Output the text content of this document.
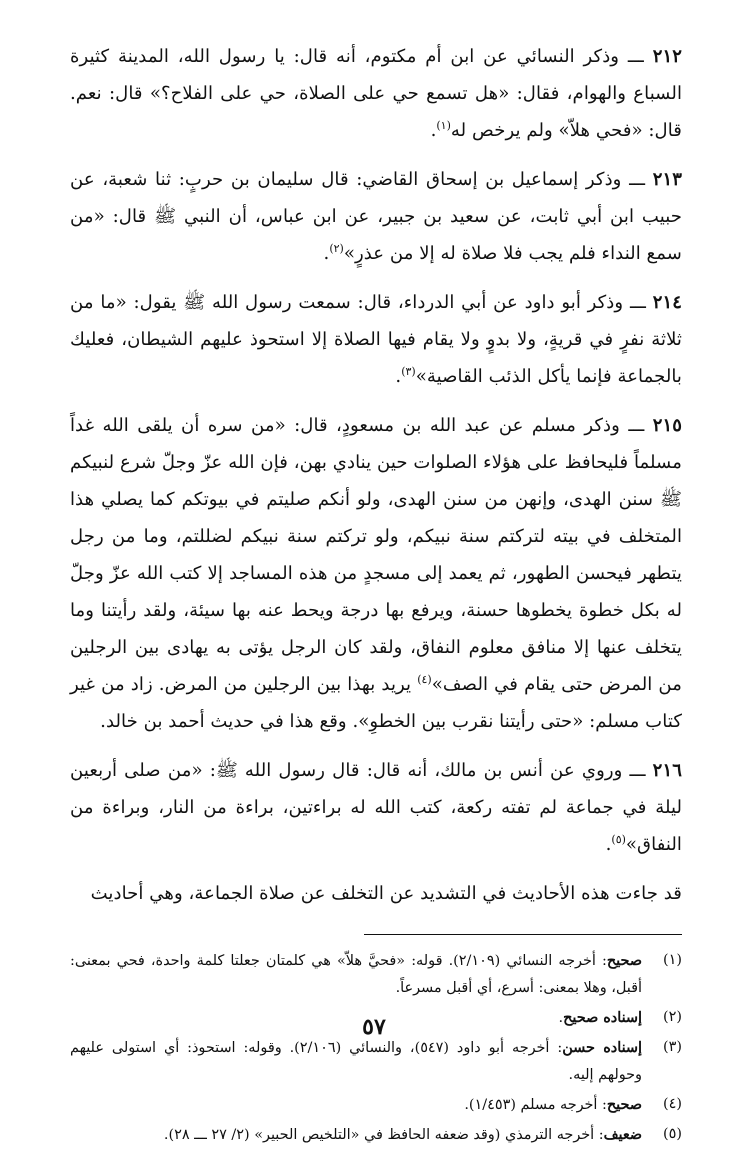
٢١٢ ـــ وذكر النسائي عن ابن أم مكتوم، أنه قال: يا رسول الله، المدينة كثيرة السباع والهوام، فقال: «هل تسمع حي على الصلاة، حي على الفلاح؟» قال: نعم. قال: «فحي هلاّ» ولم يرخص له$^{(١)}$.

٢١٣ ـــ وذكر إسماعيل بن إسحاق القاضي: قال سليمان بن حربٍ: ثنا شعبة، عن حبيب ابن أبي ثابت، عن سعيد بن جبير، عن ابن عباس، أن النبي ﷺ قال: «من سمع النداء فلم يجب فلا صلاة له إلا من عذرٍ»$^{(٢)}$.

٢١٤ ـــ وذكر أبو داود عن أبي الدرداء، قال: سمعت رسول الله ﷺ يقول: «ما من ثلاثة نفرٍ في قريةٍ، ولا بدوٍ ولا يقام فيها الصلاة إلا استحوذ عليهم الشيطان، فعليك بالجماعة فإنما يأكل الذئب القاصية»$^{(٣)}$.

٢١٥ ـــ وذكر مسلم عن عبد الله بن مسعودٍ، قال: «من سره أن يلقى الله غداً مسلماً فليحافظ على هؤلاء الصلوات حين ينادي بهن، فإن الله عزّ وجلّ شرع لنبيكم ﷺ سنن الهدى، وإنهن من سنن الهدى، ولو أنكم صليتم في بيوتكم كما يصلي هذا المتخلف في بيته لتركتم سنة نبيكم، ولو تركتم سنة نبيكم لضللتم، وما من رجل يتطهر فيحسن الطهور، ثم يعمد إلى مسجدٍ من هذه المساجد إلا كتب الله عزّ وجلّ له بكل خطوة يخطوها حسنة، ويرفع بها درجة ويحط عنه بها سيئة، ولقد رأيتنا وما يتخلف عنها إلا منافق معلوم النفاق، ولقد كان الرجل يؤتى به يهادى بين الرجلين من المرض حتى يقام في الصف»$^{(٤)}$ يريد بهذا بين الرجلين من المرض. زاد من غير كتاب مسلم: «حتى رأيتنا نقرب بين الخطوِ». وقع هذا في حديث أحمد بن خالد.

٢١٦ ـــ وروي عن أنس بن مالك، أنه قال: قال رسول الله ﷺ: «من صلى أربعين ليلة في جماعة لم تفته ركعة، كتب الله له براءتين، براءة من النار، وبراءة من النفاق»$^{(٥)}$.

قد جاءت هذه الأحاديث في التشديد عن التخلف عن صلاة الجماعة، وهي أحاديث

(١)
صحيح: أخرجه النسائي (٢/١٠٩). قوله: «فحيَّ هلاّ» هي كلمتان جعلتا كلمة واحدة، فحي بمعنى: أقبل، وهلا بمعنى: أسرع، أي أقبل مسرعاً.
(٢)
إسناده صحيح.
(٣)
إسناده حسن: أخرجه أبو داود (٥٤٧)، والنسائي (٢/١٠٦). وقوله: استحوذ: أي استولى عليهم وحولهم إليه.
(٤)
صحيح: أخرجه مسلم (١/٤٥٣).
(٥)
ضعيف: أخرجه الترمذي (وقد ضعفه الحافظ في «التلخيص الحبير» (٢/ ٢٧ ـــ ٢٨).
٥٧
